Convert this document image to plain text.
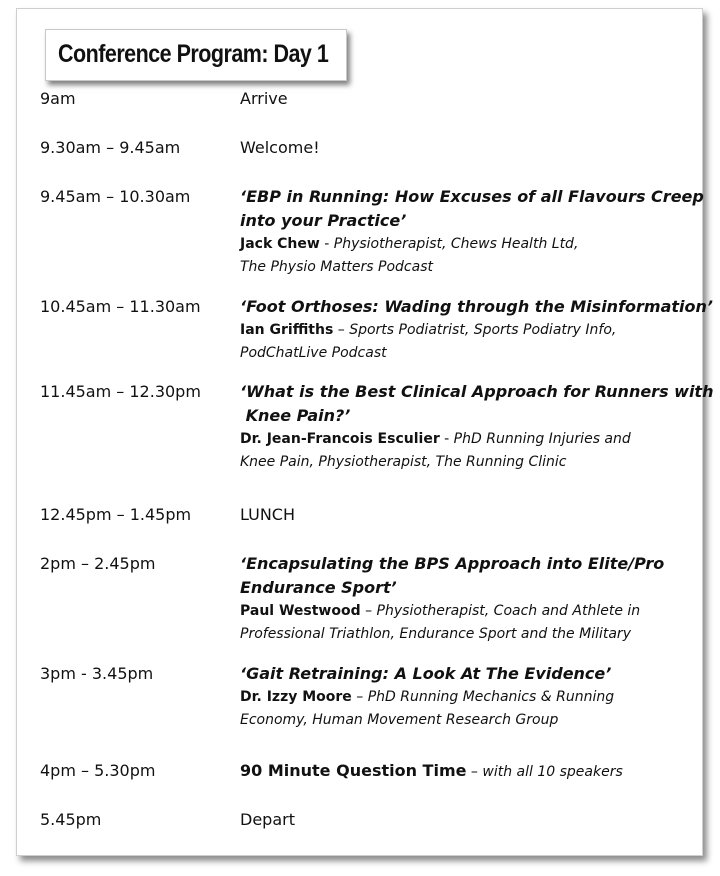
Conference Program: Day 1
9am	Arrive
9.30am – 9.45am	Welcome!
9.45am – 10.30am	‘EBP in Running: How Excuses of all Flavours Creep
into your Practice’
Jack Chew - Physiotherapist, Chews Health Ltd,
The Physio Matters Podcast
10.45am – 11.30am ‘Foot Orthoses: Wading through the Misinformation’
Ian Griffiths – Sports Podiatrist, Sports Podiatry Info,
PodChatLive Podcast
11.45am – 12.30pm ‘What is the Best Clinical Approach for Runners with
Knee Pain?’
Dr. Jean-Francois Esculier - PhD Running Injuries and
Knee Pain, Physiotherapist, The Running Clinic
12.45pm – 1.45pm	LUNCH
2pm – 2.45pm	‘Encapsulating the BPS Approach into Elite/Pro
Endurance Sport’
Paul Westwood – Physiotherapist, Coach and Athlete in
Professional Triathlon, Endurance Sport and the Military
3pm - 3.45pm	‘Gait Retraining: A Look At The Evidence’
Dr. Izzy Moore – PhD Running Mechanics & Running
Economy, Human Movement Research Group
4pm – 5.30pm	90 Minute Question Time – with all 10 speakers
5.45pm	Depart
